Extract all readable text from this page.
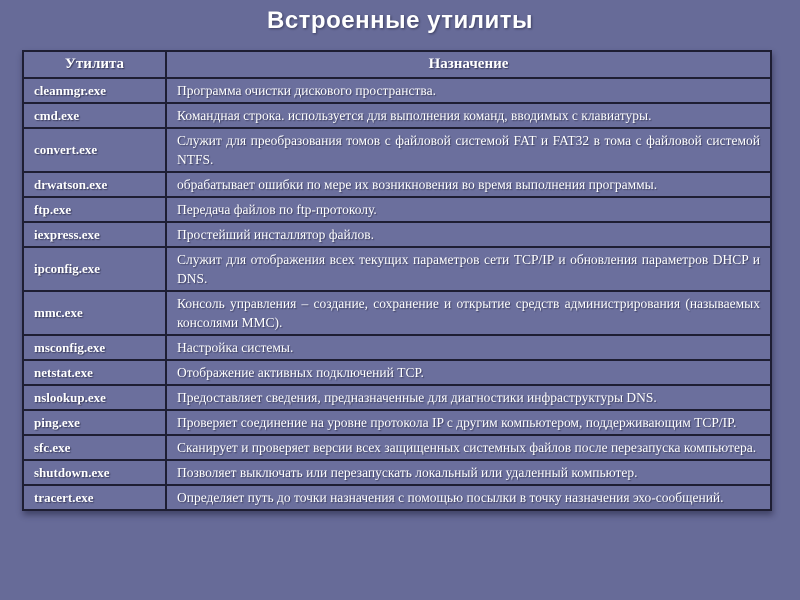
Встроенные утилиты
Утилита	Назначение
cleanmgr.exe	Программа очистки дискового пространства.
cmd.exe	Командная строка. используется для выполнения команд, вводимых с клавиатуры.
convert.exe	Служит для преобразования томов с файловой системой FAT и FAT32 в тома с файловой системой NTFS.
drwatson.exe	обрабатывает ошибки по мере их возникновения во время выполнения программы.
ftp.exe	Передача файлов по ftp-протоколу.
iexpress.exe	Простейший инсталлятор файлов.
ipconfig.exe	Служит для отображения всех текущих параметров сети TCP/IP и обновления параметров DHCP и DNS.
mmc.exe	Консоль управления – создание, сохранение и открытие средств администрирования (называемых консолями MMC).
msconfig.exe	Настройка системы.
netstat.exe	Отображение активных подключений TCP.
nslookup.exe	Предоставляет сведения, предназначенные для диагностики инфраструктуры DNS.
ping.exe	Проверяет соединение на уровне протокола IP с другим компьютером, поддерживающим TCP/IP.
sfc.exe	Сканирует и проверяет версии всех защищенных системных файлов после перезапуска компьютера.
shutdown.exe	Позволяет выключать или перезапускать локальный или удаленный компьютер.
tracert.exe	Определяет путь до точки назначения с помощью посылки в точку назначения эхо-сообщений.
